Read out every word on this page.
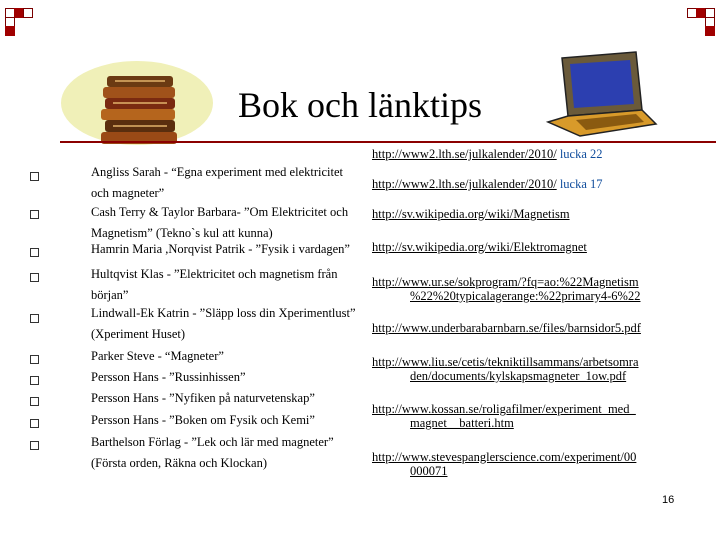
Bok och länktips
Angliss Sarah - “Egna experiment med elektricitet
och magneter”
Cash Terry & Taylor Barbara- ”Om Elektricitet och
Magnetism” (Tekno`s kul att kunna)
Hamrin Maria ,Norqvist Patrik - ”Fysik i vardagen”
Hultqvist Klas - ”Elektricitet och magnetism från
början”
Lindwall-Ek Katrin - ”Släpp loss din Xperimentlust”
(Xperiment Huset)
Parker Steve - “Magneter”
Persson Hans - ”Russinhissen”
Persson Hans - ”Nyfiken på naturvetenskap”
Persson Hans - ”Boken om Fysik och Kemi”
Barthelson Förlag - ”Lek och lär med magneter”
(Första orden, Räkna och Klockan)
http://www2.lth.se/julkalender/2010/ lucka 22
http://www2.lth.se/julkalender/2010/ lucka 17
http://sv.wikipedia.org/wiki/Magnetism
http://sv.wikipedia.org/wiki/Elektromagnet
http://www.ur.se/sokprogram/?fq=ao:%22Magnetism
%22%20typicalagerange:%22primary4-6%22
http://www.underbarabarnbarn.se/files/barnsidor5.pdf
http://www.liu.se/cetis/tekniktillsammans/arbetsomra
den/documents/kylskapsmagneter_1ow.pdf
http://www.kossan.se/roligafilmer/experiment_med_
magnet__batteri.htm
http://www.stevespanglerscience.com/experiment/00
000071
16
